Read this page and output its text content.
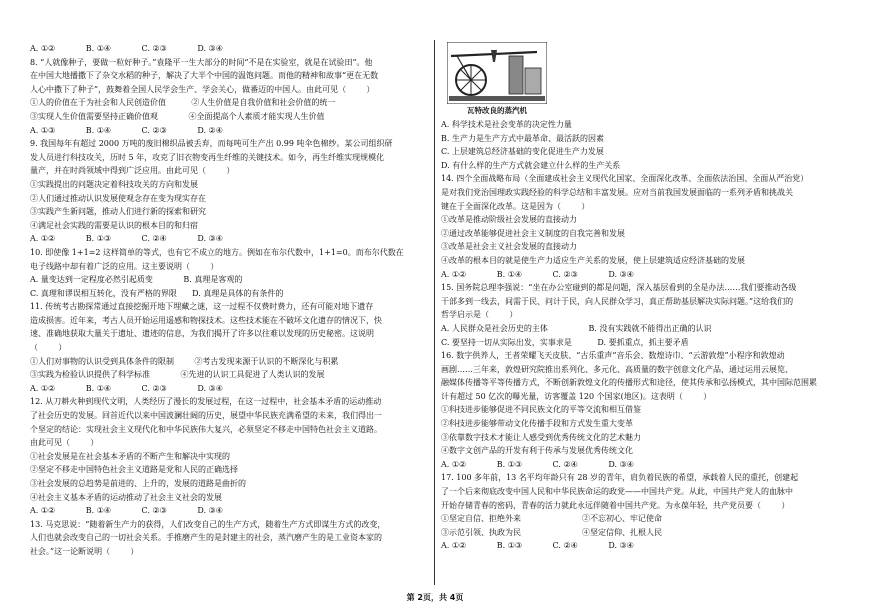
A. ①②            B. ①④            C. ②③            D. ③④

8. “人就像种子，要做一粒好种子。”袁隆平一生大部分的时间“不是在实验室，就是在试验田”。他

在中国大地播撒下了杂交水稻的种子，解决了大半个中国的温饱问题。而他的精神和故事“更在无数

人心中撒下了种子”，鼓舞着全国人民学会生产、学会关心，做番迈的中国人。由此可见（        ）

①人的价值在于为社会和人民创造价值          ②人生价值是自我价值和社会价值的统一

③实现人生价值需要坚持正确价值观            ④全面提高个人素质才能实现人生价值

A. ①③            B. ①④            C. ②③            D. ②④

9. 我国每年有超过 2000 万吨的废旧棉织品被丢弃，而每吨可生产出 0.99 吨伞色棉纱。某公司组织研

发人员进行科技攻关，历时 5 年，攻克了旧衣物变再生纤维的关键技术。如今，再生纤维实现规模化

量产，并在时尚领域中得到广泛应用。由此可见（        ）

①实践提出的问题决定着科技攻关的方向和发展

②人们通过推动认识发展使观念存在变为现实存在

③实践产生新问题，推动人们进行新的探索和研究

④满足社会实践的需要是认识的根本目的和归宿

A. ①②            B. ①③            C. ②④            D. ③④

10. 即使像 1+1=2 这样简单的等式，也有它不成立的地方。例如在布尔代数中，1+1=0。而布尔代数在

电子线路中却有着广泛的应用。这主要说明（        ）

A. 量变达到一定程度必然引起质变            B. 真理是客观的

C. 真理和谬误相互转化，没有严格的界限      D. 真理是具体的有条件的

11. 传统考古勘探常通过直接挖掘开地下埋藏之谜，这一过程不仅费时费力，还有可能对地下遗存

造成损害。近年来，考古人员开始运用遥感和物探技术。这些技术能在不破坏文化遗存的情况下，快

速、准确地获取大量关于遗址、遗迹的信息，为我们揭开了许多以往难以发现的历史秘密。这说明

（        ）

①人们对事物的认识受到具体条件的限制        ②考古发现来源于认识的不断深化与积累

③实践为检验认识提供了科学标准            ④先进的认识工具促进了人类认识的发展

A. ①②            B. ①④            C. ②③            D. ③④

12. 从刀耕火种到现代文明，人类经历了漫长的发展过程，在这一过程中，社会基本矛盾的运动推动

了社会历史的发展。回首近代以来中国波澜壮阔的历史，展望中华民族充满希望的未来，我们得出一

个坚定的结论：实现社会主义现代化和中华民族伟大复兴，必须坚定不移走中国特色社会主义道路。

由此可见（        ）

①社会发展是在社会基本矛盾的不断产生和解决中实现的

②坚定不移走中国特色社会主义道路是党和人民的正确选择

③社会发展的总趋势是前进的、上升的，发展的道路是曲折的

④社会主义基本矛盾的运动推动了社会主义社会的发展

A. ①②            B. ①④            C. ②③            D. ③④

13. 马克思说：“随着新生产力的获得，人们改变自己的生产方式，随着生产方式即谋生方式的改变，

人们也就会改变自己的一切社会关系。手推磨产生的是封建主的社会，蒸汽磨产生的是工业资本家的

社会。”这一论断说明（        ）

瓦特改良的蒸汽机

A. 科学技术是社会变革的决定性力量

B. 生产力是生产方式中最革命、最活跃的因素

C. 上层建筑总经济基础的变化促进生产力发展

D. 有什么样的生产方式就会建立什么样的生产关系

14. 四个全面战略布局（全面建成社会主义现代化国家、全面深化改革、全面依法治国、全面从严治党）

是对我们党治国理政实践经验的科学总结和丰富发展。应对当前我国发展面临的一系列矛盾和挑战关

键在于全面深化改革。这是因为（        ）

①改革是推动阶级社会发展的直接动力

②通过改革能够促进社会主义制度的自我完善和发展

③改革是社会主义社会发展的直接动力

④改革的根本目的就是使生产力适应生产关系的发展，使上层建筑适应经济基础的发展

A. ①②            B. ①④            C. ②③            D. ③④

15. 国务院总理李强说：“坐在办公室碰到的都是问题，深入基层看到的全是办法……我们要推动各级

干部多到一线去，间需于民、问计于民，向人民群众学习，真正帮助基层解决实际问题。”这给我们的

哲学启示是（        ）

A. 人民群众是社会历史的主体                B. 没有实践就不能得出正确的认识

C. 要坚持一切从实际出发，实事求是          D. 要抓重点，抓主要矛盾

16. 数字供养人，王者荣耀飞天皮肤、“古乐重声”音乐会、数煌诗巾、“云游敦煌”小程序和敦煌动

画剧……三年来，敦煌研究院推出系列化、多元化、高质量的数字创意文化产品，通过运用云展览、

融媒体传播等平等传播方式，不断创新敦煌文化的传播形式和途径，使其传承和弘扬模式，其中国际范围累

计有超过 50 亿次的曝光量，访客覆盖 120 个国家(地区)。这表明（        ）

①科技进步能够促进不同民族文化的平等交流和相互借鉴

②科技进步能够带动文化传播手段和方式发生重大变革

③依靠数字技术才能让人感受到优秀传统文化的艺术魅力

④数字文创产品的开发有利于传承与发展优秀传统文化

A. ①②            B. ①③            C. ②④            D. ③④

17. 100 多年前，13 名平均年龄只有 28 岁的青年，肩负着民族的希望，承载着人民的重托，创建起

了一个后来彻底改变中国人民和中华民族命运的政党——中国共产党。从此，中国共产党人的血脉中

开始存储青春的密码，青春的活力就此永远伴随着中国共产党。为永葆年轻，共产党员要（        ）

①坚定自信、拒绝外来                        ②不忘初心、牢记使命

③示范引领、执政为民                        ④坚定信仰、扎根人民

A. ①②            B. ①③            C. ②④            D. ③④

第 2页，共 4页
